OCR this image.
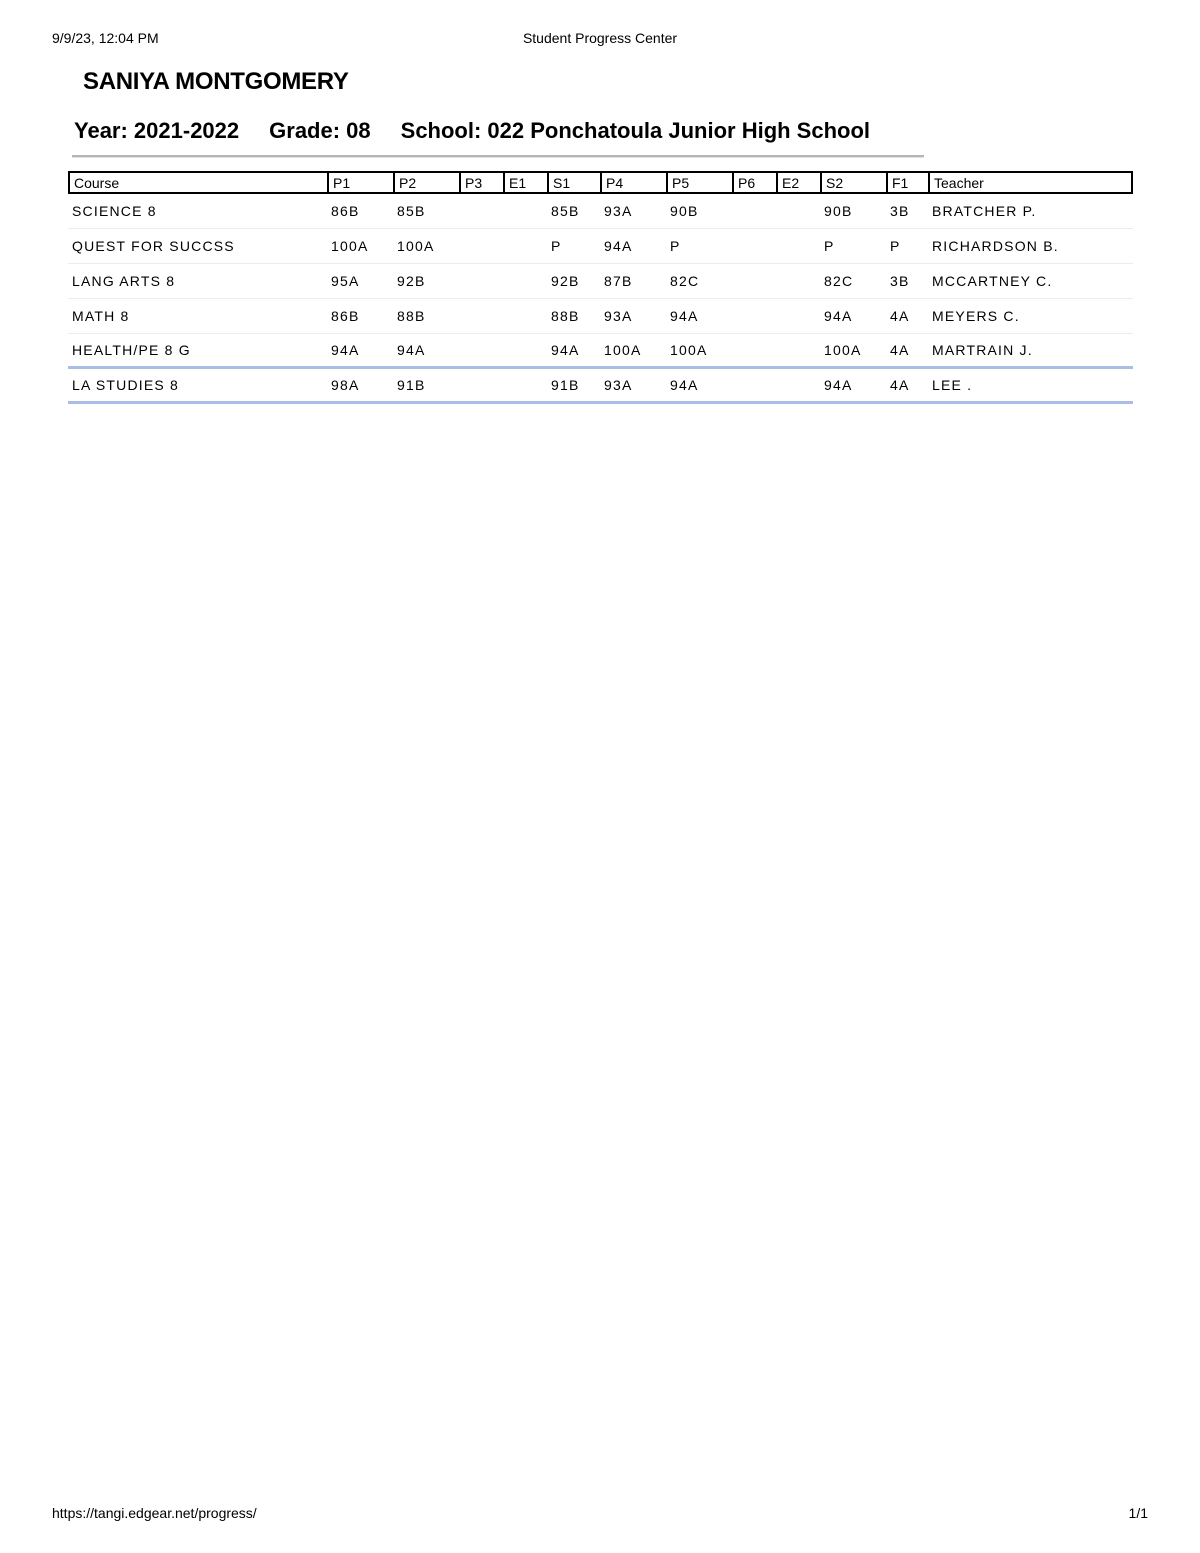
9/9/23, 12:04 PM	Student Progress Center
SANIYA MONTGOMERY
Year: 2021-2022 Grade: 08 School: 022 Ponchatoula Junior High School
Course	P1	P2	P3	E1	S1	P4	P5	P6	E2	S2	F1	Teacher
SCIENCE 8	86B	85B			85B	93A	90B			90B	3B	BRATCHER P.
QUEST FOR SUCCSS	100A	100A			P	94A	P			P	P	RICHARDSON B.
LANG ARTS 8	95A	92B			92B	87B	82C			82C	3B	MCCARTNEY C.
MATH 8	86B	88B			88B	93A	94A			94A	4A	MEYERS C.
HEALTH/PE 8 G	94A	94A			94A	100A	100A			100A	4A	MARTRAIN J.
LA STUDIES 8	98A	91B			91B	93A	94A			94A	4A	LEE .
https://tangi.edgear.net/progress/	1/1
